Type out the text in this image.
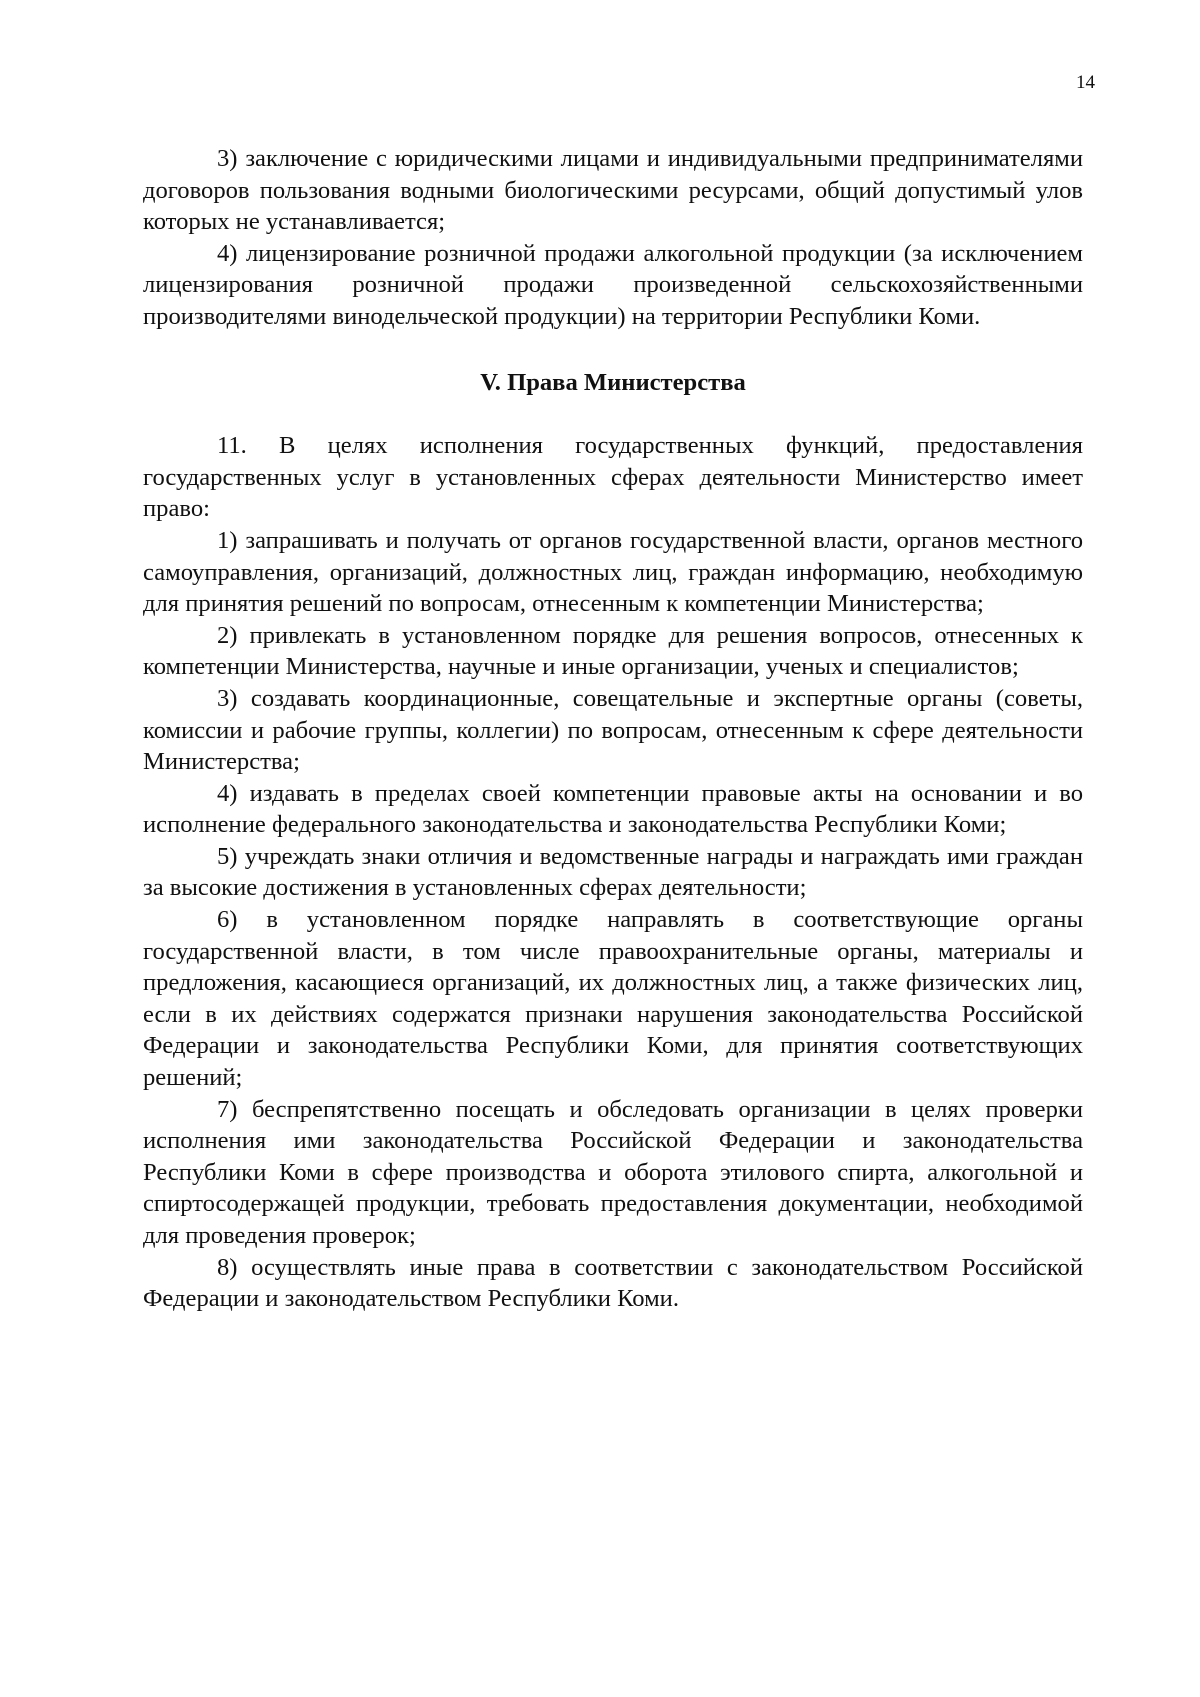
14

3) заключение с юридическими лицами и индивидуальными предпринимателями договоров пользования водными биологическими ресурсами, общий допустимый улов которых не устанавливается;

4) лицензирование розничной продажи алкогольной продукции (за исключением лицензирования розничной продажи произведенной сельскохозяйственными производителями винодельческой продукции) на территории Республики Коми.

V. Права Министерства

11. В целях исполнения государственных функций, предоставления государственных услуг в установленных сферах деятельности Министерство имеет право:

1) запрашивать и получать от органов государственной власти, органов местного самоуправления, организаций, должностных лиц, граждан информацию, необходимую для принятия решений по вопросам, отнесенным к компетенции Министерства;

2) привлекать в установленном порядке для решения вопросов, отнесенных к компетенции Министерства, научные и иные организации, ученых и специалистов;

3) создавать координационные, совещательные и экспертные органы (советы, комиссии и рабочие группы, коллегии) по вопросам, отнесенным к сфере деятельности Министерства;

4) издавать в пределах своей компетенции правовые акты на основании и во исполнение федерального законодательства и законодательства Республики Коми;

5) учреждать знаки отличия и ведомственные награды и награждать ими граждан за высокие достижения в установленных сферах деятельности;

6) в установленном порядке направлять в соответствующие органы государственной власти, в том числе правоохранительные органы, материалы и предложения, касающиеся организаций, их должностных лиц, а также физических лиц, если в их действиях содержатся признаки нарушения законодательства Российской Федерации и законодательства Республики Коми, для принятия соответствующих решений;

7) беспрепятственно посещать и обследовать организации в целях проверки исполнения ими законодательства Российской Федерации и законодательства Республики Коми в сфере производства и оборота этилового спирта, алкогольной и спиртосодержащей продукции, требовать предоставления документации, необходимой для проведения проверок;

8) осуществлять иные права в соответствии с законодательством Российской Федерации и законодательством Республики Коми.
